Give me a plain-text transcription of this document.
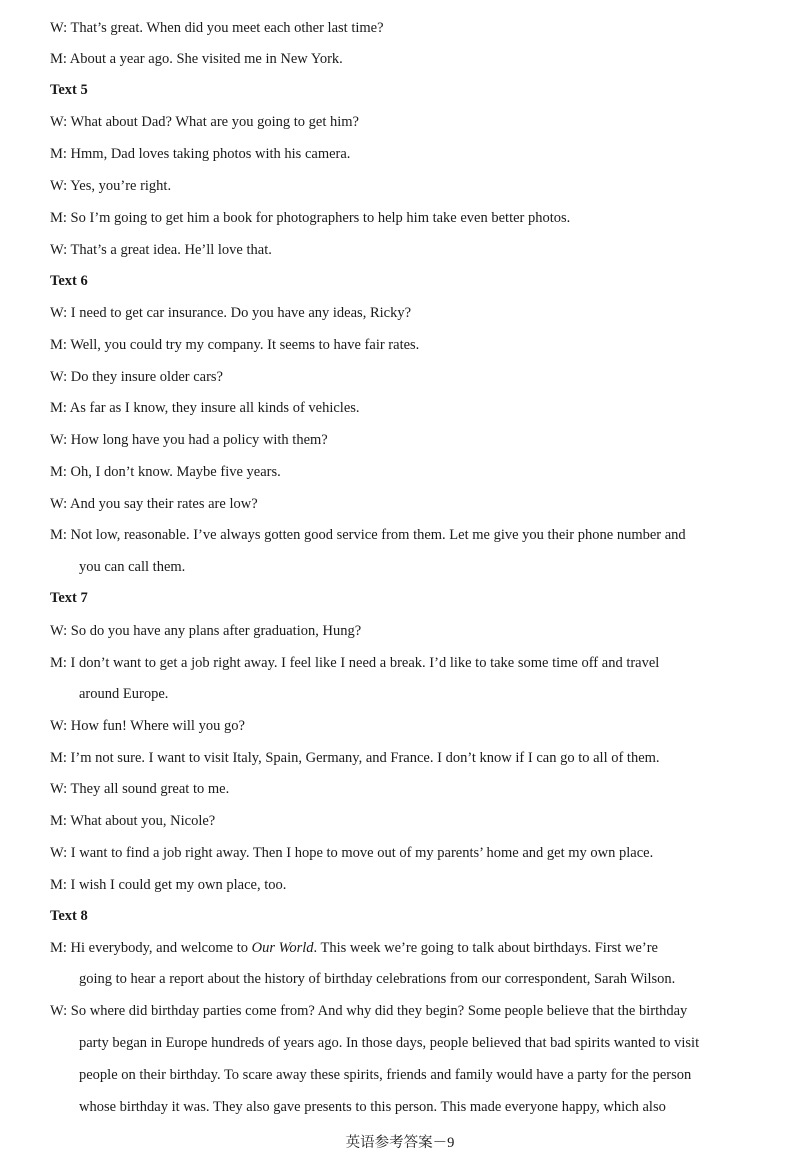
W: That’s great. When did you meet each other last time?
M: About a year ago. She visited me in New York.
Text 5
W: What about Dad? What are you going to get him?
M: Hmm, Dad loves taking photos with his camera.
W: Yes, you’re right.
M: So I’m going to get him a book for photographers to help him take even better photos.
W: That’s a great idea. He’ll love that.
Text 6
W: I need to get car insurance. Do you have any ideas, Ricky?
M: Well, you could try my company. It seems to have fair rates.
W: Do they insure older cars?
M: As far as I know, they insure all kinds of vehicles.
W: How long have you had a policy with them?
M: Oh, I don’t know. Maybe five years.
W: And you say their rates are low?
M: Not low, reasonable. I’ve always gotten good service from them. Let me give you their phone number and
you can call them.
Text 7
W: So do you have any plans after graduation, Hung?
M: I don’t want to get a job right away. I feel like I need a break. I’d like to take some time off and travel
around Europe.
W: How fun! Where will you go?
M: I’m not sure. I want to visit Italy, Spain, Germany, and France. I don’t know if I can go to all of them.
W: They all sound great to me.
M: What about you, Nicole?
W: I want to find a job right away. Then I hope to move out of my parents’ home and get my own place.
M: I wish I could get my own place, too.
Text 8
M: Hi everybody, and welcome to Our World. This week we’re going to talk about birthdays. First we’re
going to hear a report about the history of birthday celebrations from our correspondent, Sarah Wilson.
W: So where did birthday parties come from? And why did they begin? Some people believe that the birthday
party began in Europe hundreds of years ago. In those days, people believed that bad spirits wanted to visit
people on their birthday. To scare away these spirits, friends and family would have a party for the person
whose birthday it was. They also gave presents to this person. This made everyone happy, which also
英语参考答案－9
